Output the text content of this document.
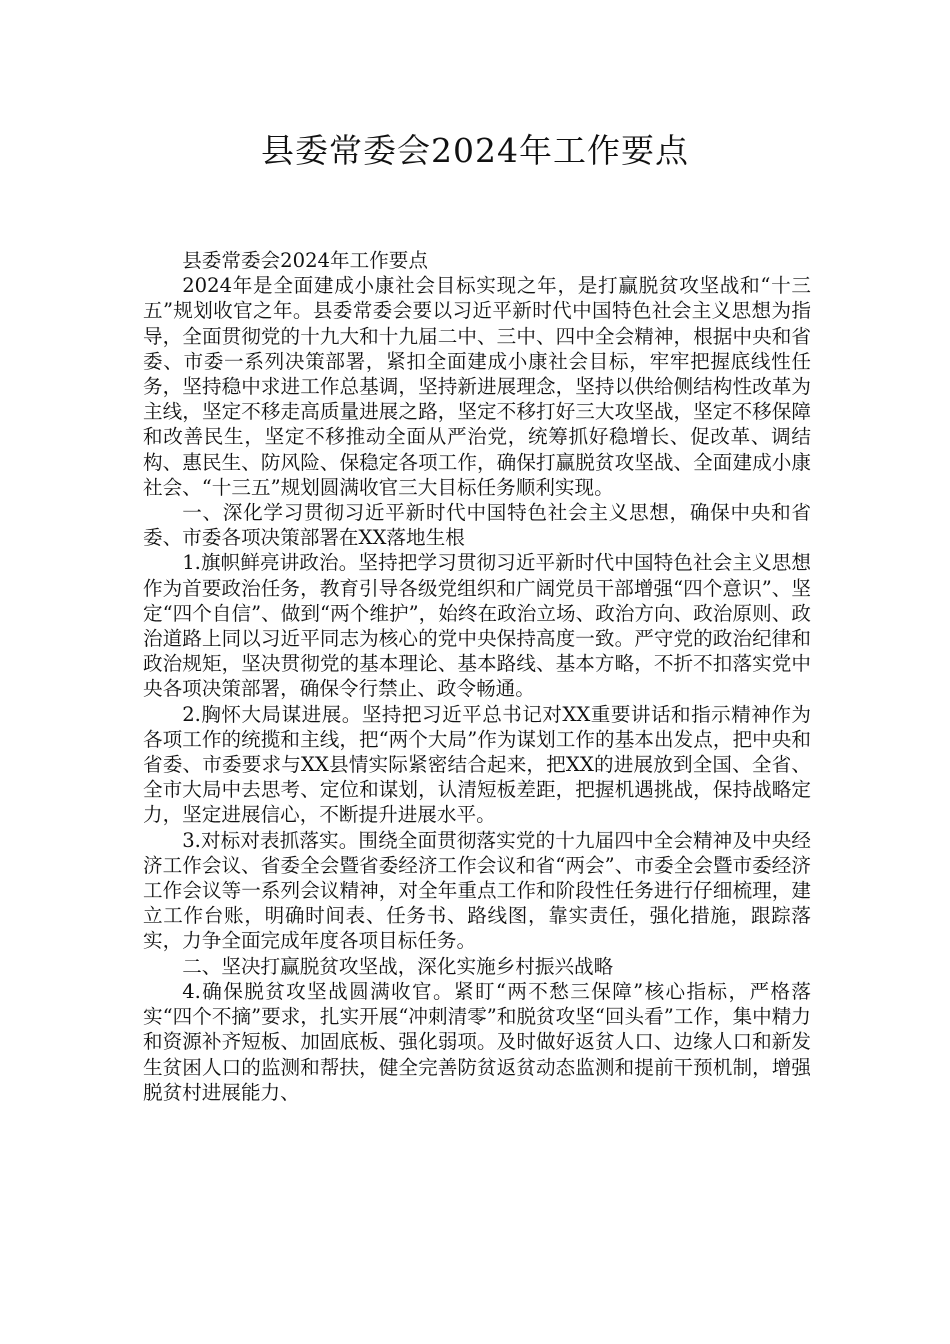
县委常委会2024年工作要点

县委常委会2024年工作要点

2024年是全面建成小康社会目标实现之年，是打赢脱贫攻坚战和“十三五”规划收官之年。县委常委会要以习近平新时代中国特色社会主义思想为指导，全面贯彻党的十九大和十九届二中、三中、四中全会精神，根据中央和省委、市委一系列决策部署，紧扣全面建成小康社会目标，牢牢把握底线性任务，坚持稳中求进工作总基调，坚持新进展理念，坚持以供给侧结构性改革为主线，坚定不移走高质量进展之路，坚定不移打好三大攻坚战，坚定不移保障和改善民生，坚定不移推动全面从严治党，统筹抓好稳增长、促改革、调结构、惠民生、防风险、保稳定各项工作，确保打赢脱贫攻坚战、全面建成小康社会、“十三五”规划圆满收官三大目标任务顺利实现。

一、深化学习贯彻习近平新时代中国特色社会主义思想，确保中央和省委、市委各项决策部署在XX落地生根

1.旗帜鲜亮讲政治。坚持把学习贯彻习近平新时代中国特色社会主义思想作为首要政治任务，教育引导各级党组织和广阔党员干部增强“四个意识”、坚定“四个自信”、做到“两个维护”，始终在政治立场、政治方向、政治原则、政治道路上同以习近平同志为核心的党中央保持高度一致。严守党的政治纪律和政治规矩，坚决贯彻党的基本理论、基本路线、基本方略，不折不扣落实党中央各项决策部署，确保令行禁止、政令畅通。

2.胸怀大局谋进展。坚持把习近平总书记对XX重要讲话和指示精神作为各项工作的统揽和主线，把“两个大局”作为谋划工作的基本出发点，把中央和省委、市委要求与XX县情实际紧密结合起来，把XX的进展放到全国、全省、全市大局中去思考、定位和谋划，认清短板差距，把握机遇挑战，保持战略定力，坚定进展信心，不断提升进展水平。

3.对标对表抓落实。围绕全面贯彻落实党的十九届四中全会精神及中央经济工作会议、省委全会暨省委经济工作会议和省“两会”、市委全会暨市委经济工作会议等一系列会议精神，对全年重点工作和阶段性任务进行仔细梳理，建立工作台账，明确时间表、任务书、路线图，靠实责任，强化措施，跟踪落实，力争全面完成年度各项目标任务。

二、坚决打赢脱贫攻坚战，深化实施乡村振兴战略

4.确保脱贫攻坚战圆满收官。紧盯“两不愁三保障”核心指标，严格落实“四个不摘”要求，扎实开展“冲刺清零”和脱贫攻坚“回头看”工作，集中精力和资源补齐短板、加固底板、强化弱项。及时做好返贫人口、边缘人口和新发生贫困人口的监测和帮扶，健全完善防贫返贫动态监测和提前干预机制，增强脱贫村进展能力、
